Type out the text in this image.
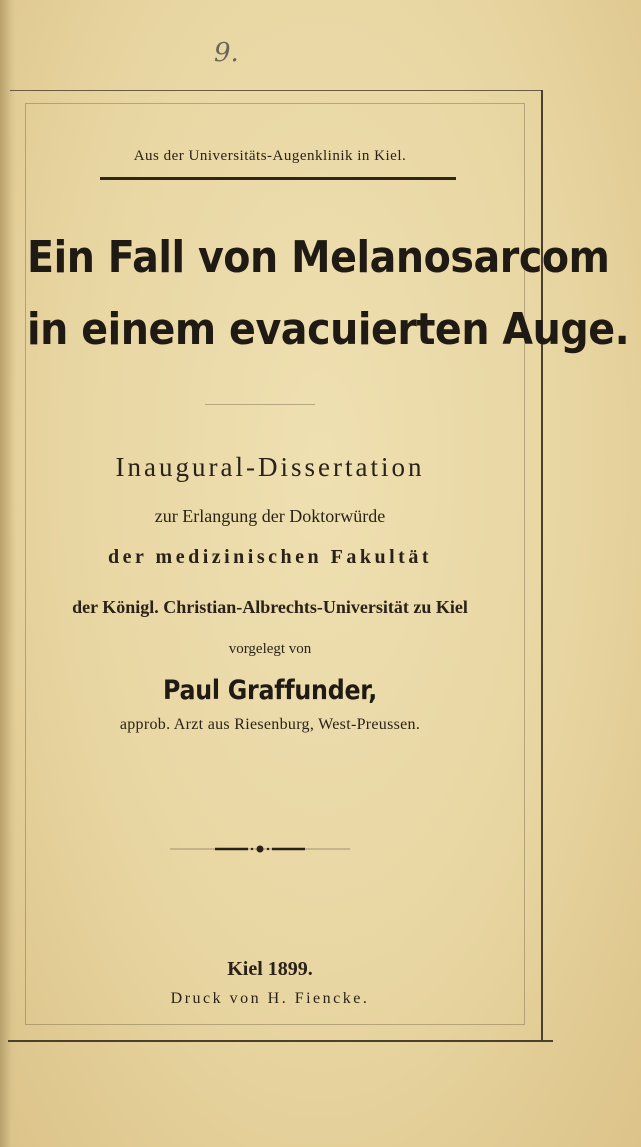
9.
Aus der Universitäts-Augenklinik in Kiel.
Ein Fall von Melanosarcom
in einem evacuierten Auge.
Inaugural-Dissertation
zur Erlangung der Doktorwürde
der medizinischen Fakultät
der Königl. Christian-Albrechts-Universität zu Kiel
vorgelegt von
Paul Graffunder,
approb. Arzt aus Riesenburg, West-Preussen.
Kiel 1899.
Druck von H. Fiencke.
